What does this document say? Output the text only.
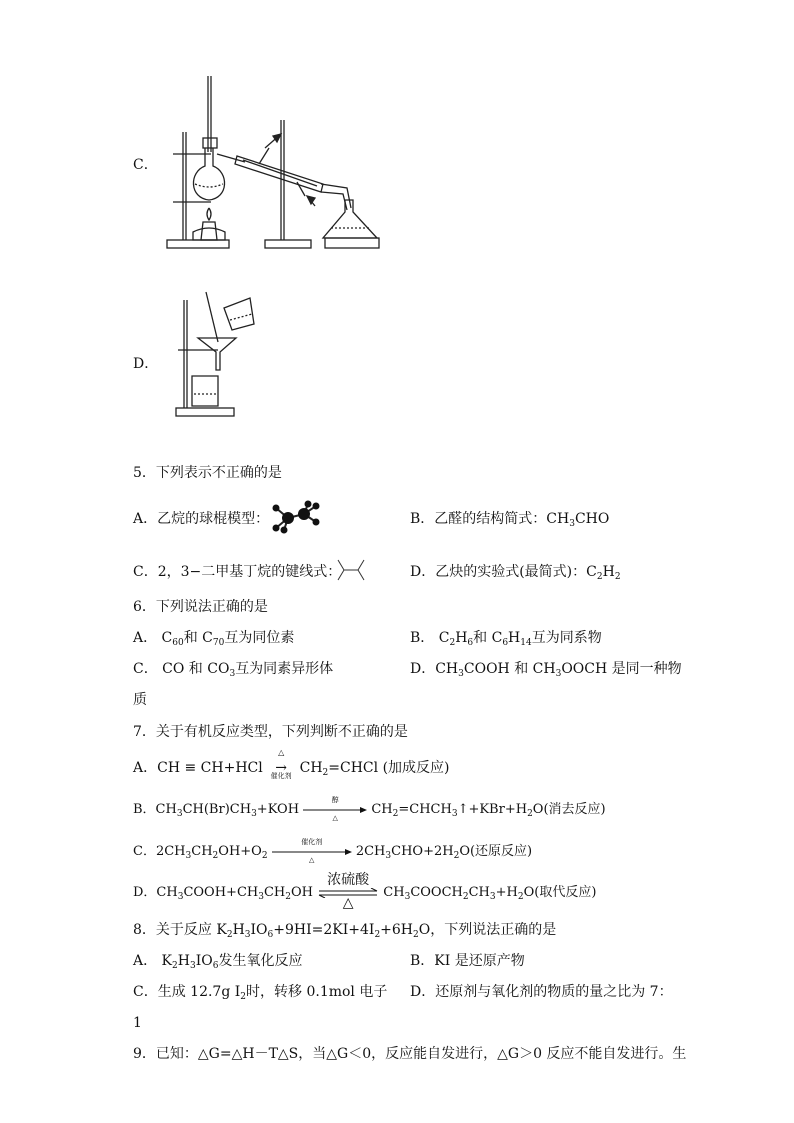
C．
D．
5．下列表示不正确的是
A．乙烷的球棍模型：	B．乙醛的结构简式：$CH_3CHO$
C．2，3−二甲基丁烷的键线式：	D．乙炔的实验式(最简式)：$C_2H_2$
6．下列说法正确的是
A． $C_{60}$和 $C_{70}$互为同位素	B． $C_2H_6$和 $C_6H_{14}$互为同系物
C． CO 和 $CO_3$互为同素异形体	D．$CH_3COOH$ 和 $CH_3OOCH$ 是同一种物
质
7．关于有机反应类型，下列判断不正确的是
A．CH ≡ CH+HCl
△
→
催化剂 $CH_2=CHCl$ (加成反应)
B．$CH_3CH(Br)CH_3+KOH$
醇
△
$CH_2=CHCH_3↑+KBr+H_2O$(消去反应)
C．$2CH_3CH_2OH+O_2$
催化剂
△
$2CH_3CHO+2H_2O$(还原反应)
D．$CH_3COOH+CH_3CH_2OH$
浓硫酸
△
$CH_3COOCH_2CH_3+H_2O$(取代反应)
8．关于反应 $K_2H_3IO_6+9HI=2KI+4I_2+6H_2O$，下列说法正确的是
A． $K_2H_3IO_6$发生氧化反应	B．KI 是还原产物
C．生成 12.7g $I_2$时，转移 0.1mol 电子 D．还原剂与氧化剂的物质的量之比为 7：
1
9．已知：△G=△H－T△S，当△G＜0，反应能自发进行，△G＞0 反应不能自发进行。生
